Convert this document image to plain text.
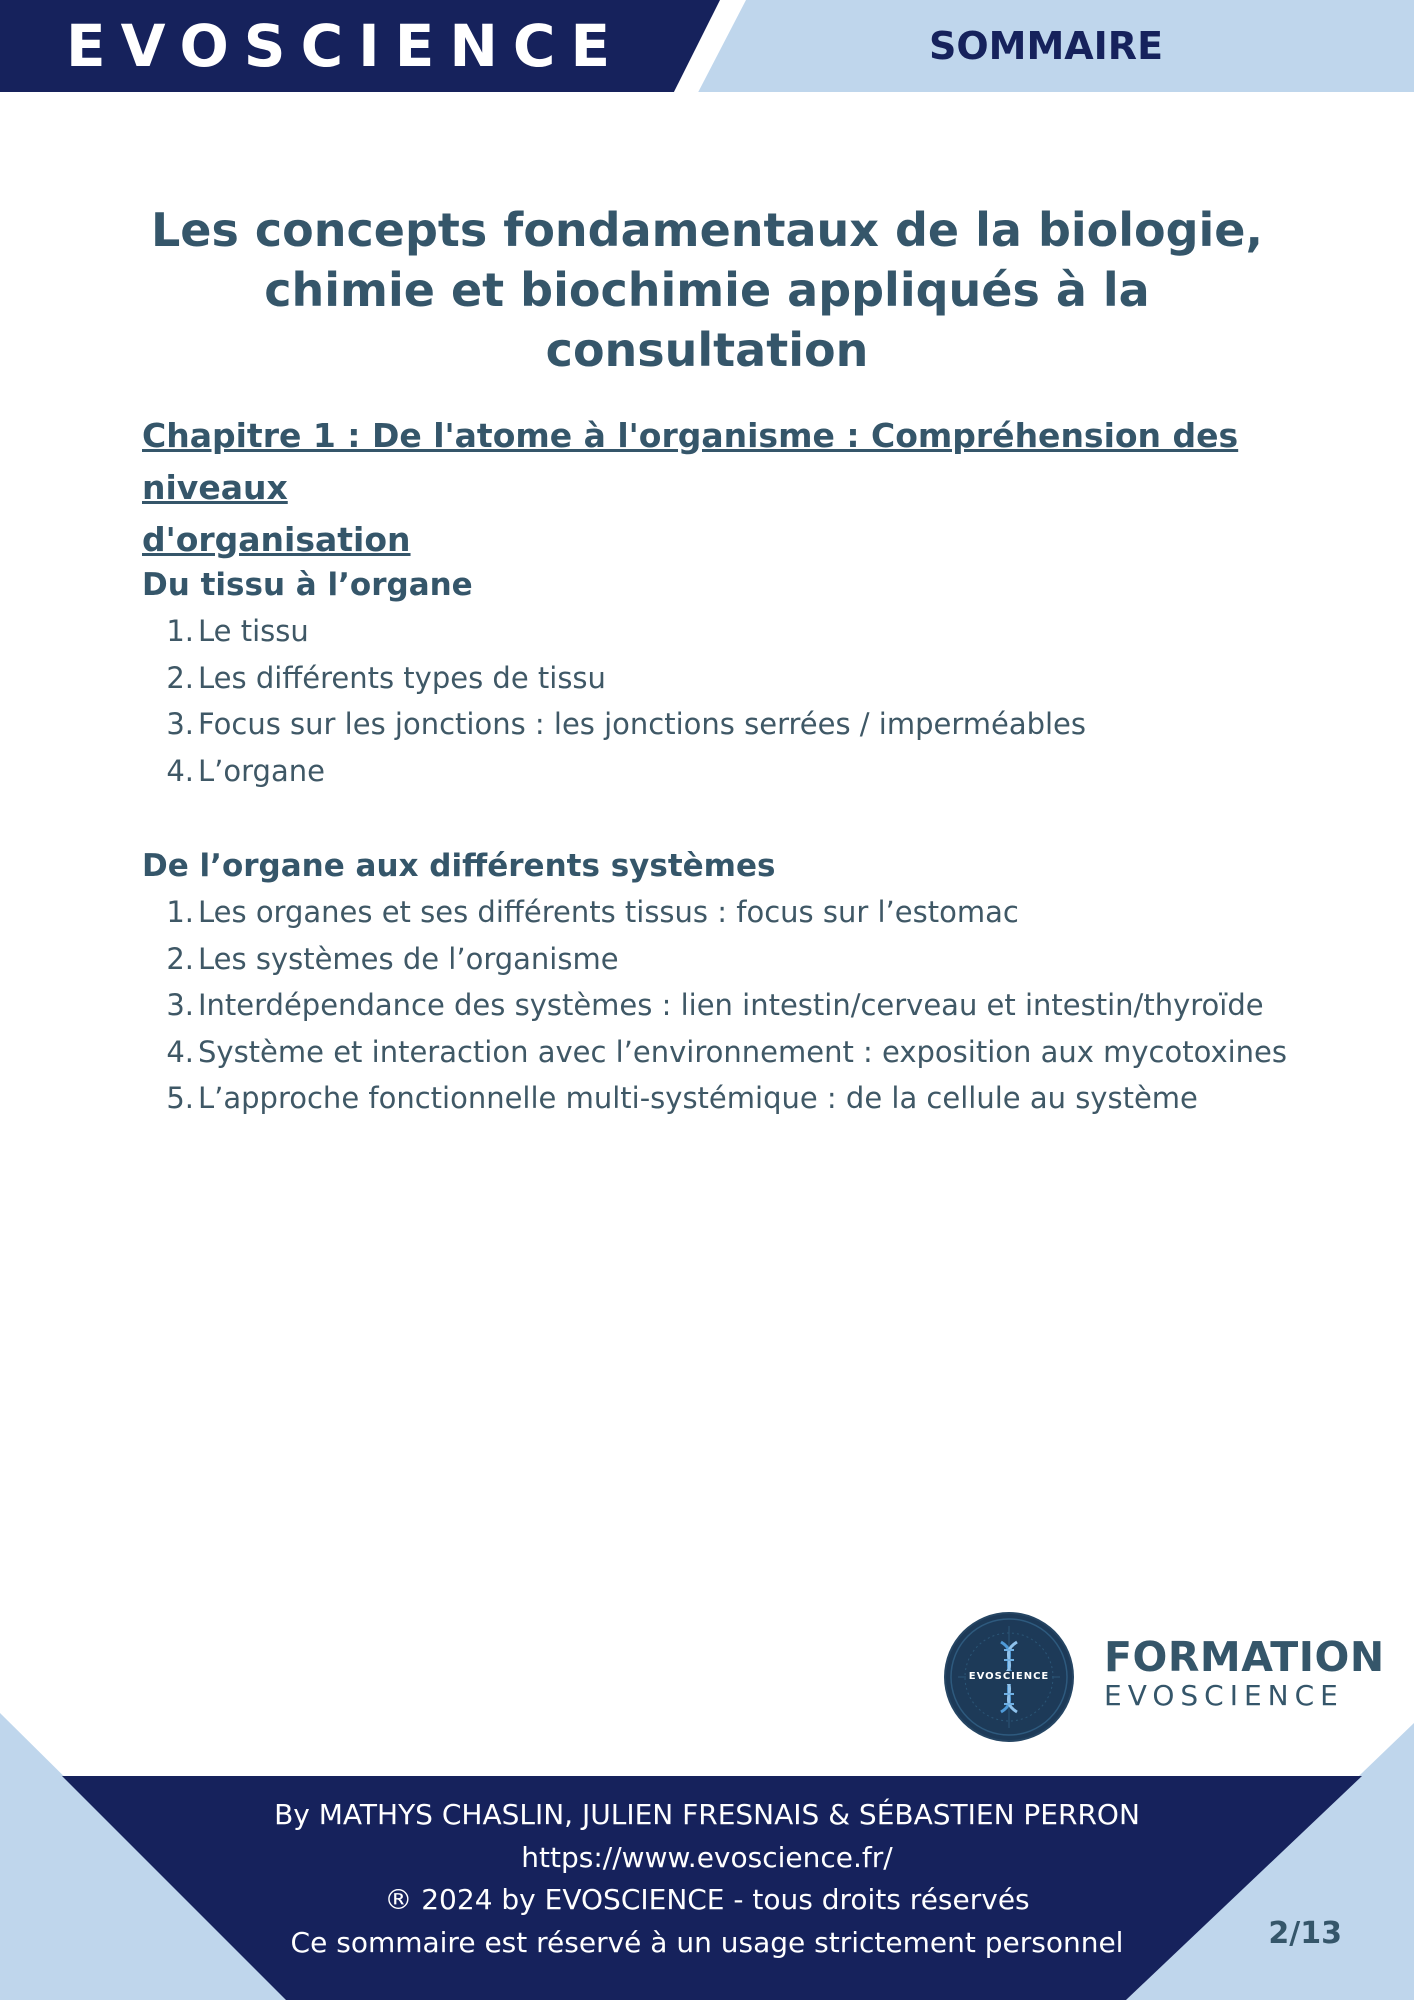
EVOSCIENCE	SOMMAIRE
Les concepts fondamentaux de la biologie,
chimie et biochimie appliqués à la consultation
Chapitre 1 : De l'atome à l'organisme : Compréhension des niveaux
d'organisation
Du tissu à l’organe
1. Le tissu
2. Les différents types de tissu
3. Focus sur les jonctions : les jonctions serrées / imperméables
4. L’organe
De l’organe aux différents systèmes
1. Les organes et ses différents tissus : focus sur l’estomac
2. Les systèmes de l’organisme
3. Interdépendance des systèmes : lien intestin/cerveau et intestin/thyroïde
4. Système et interaction avec l’environnement : exposition aux mycotoxines
5. L’approche fonctionnelle multi-systémique : de la cellule au système
EVOSCIENCE	FORMATION
EVOSCIENCE
By MATHYS CHASLIN, JULIEN FRESNAIS & SÉBASTIEN PERRON
https://www.evoscience.fr/
® 2024 by EVOSCIENCE - tous droits réservés
Ce sommaire est réservé à un usage strictement personnel	2/13
